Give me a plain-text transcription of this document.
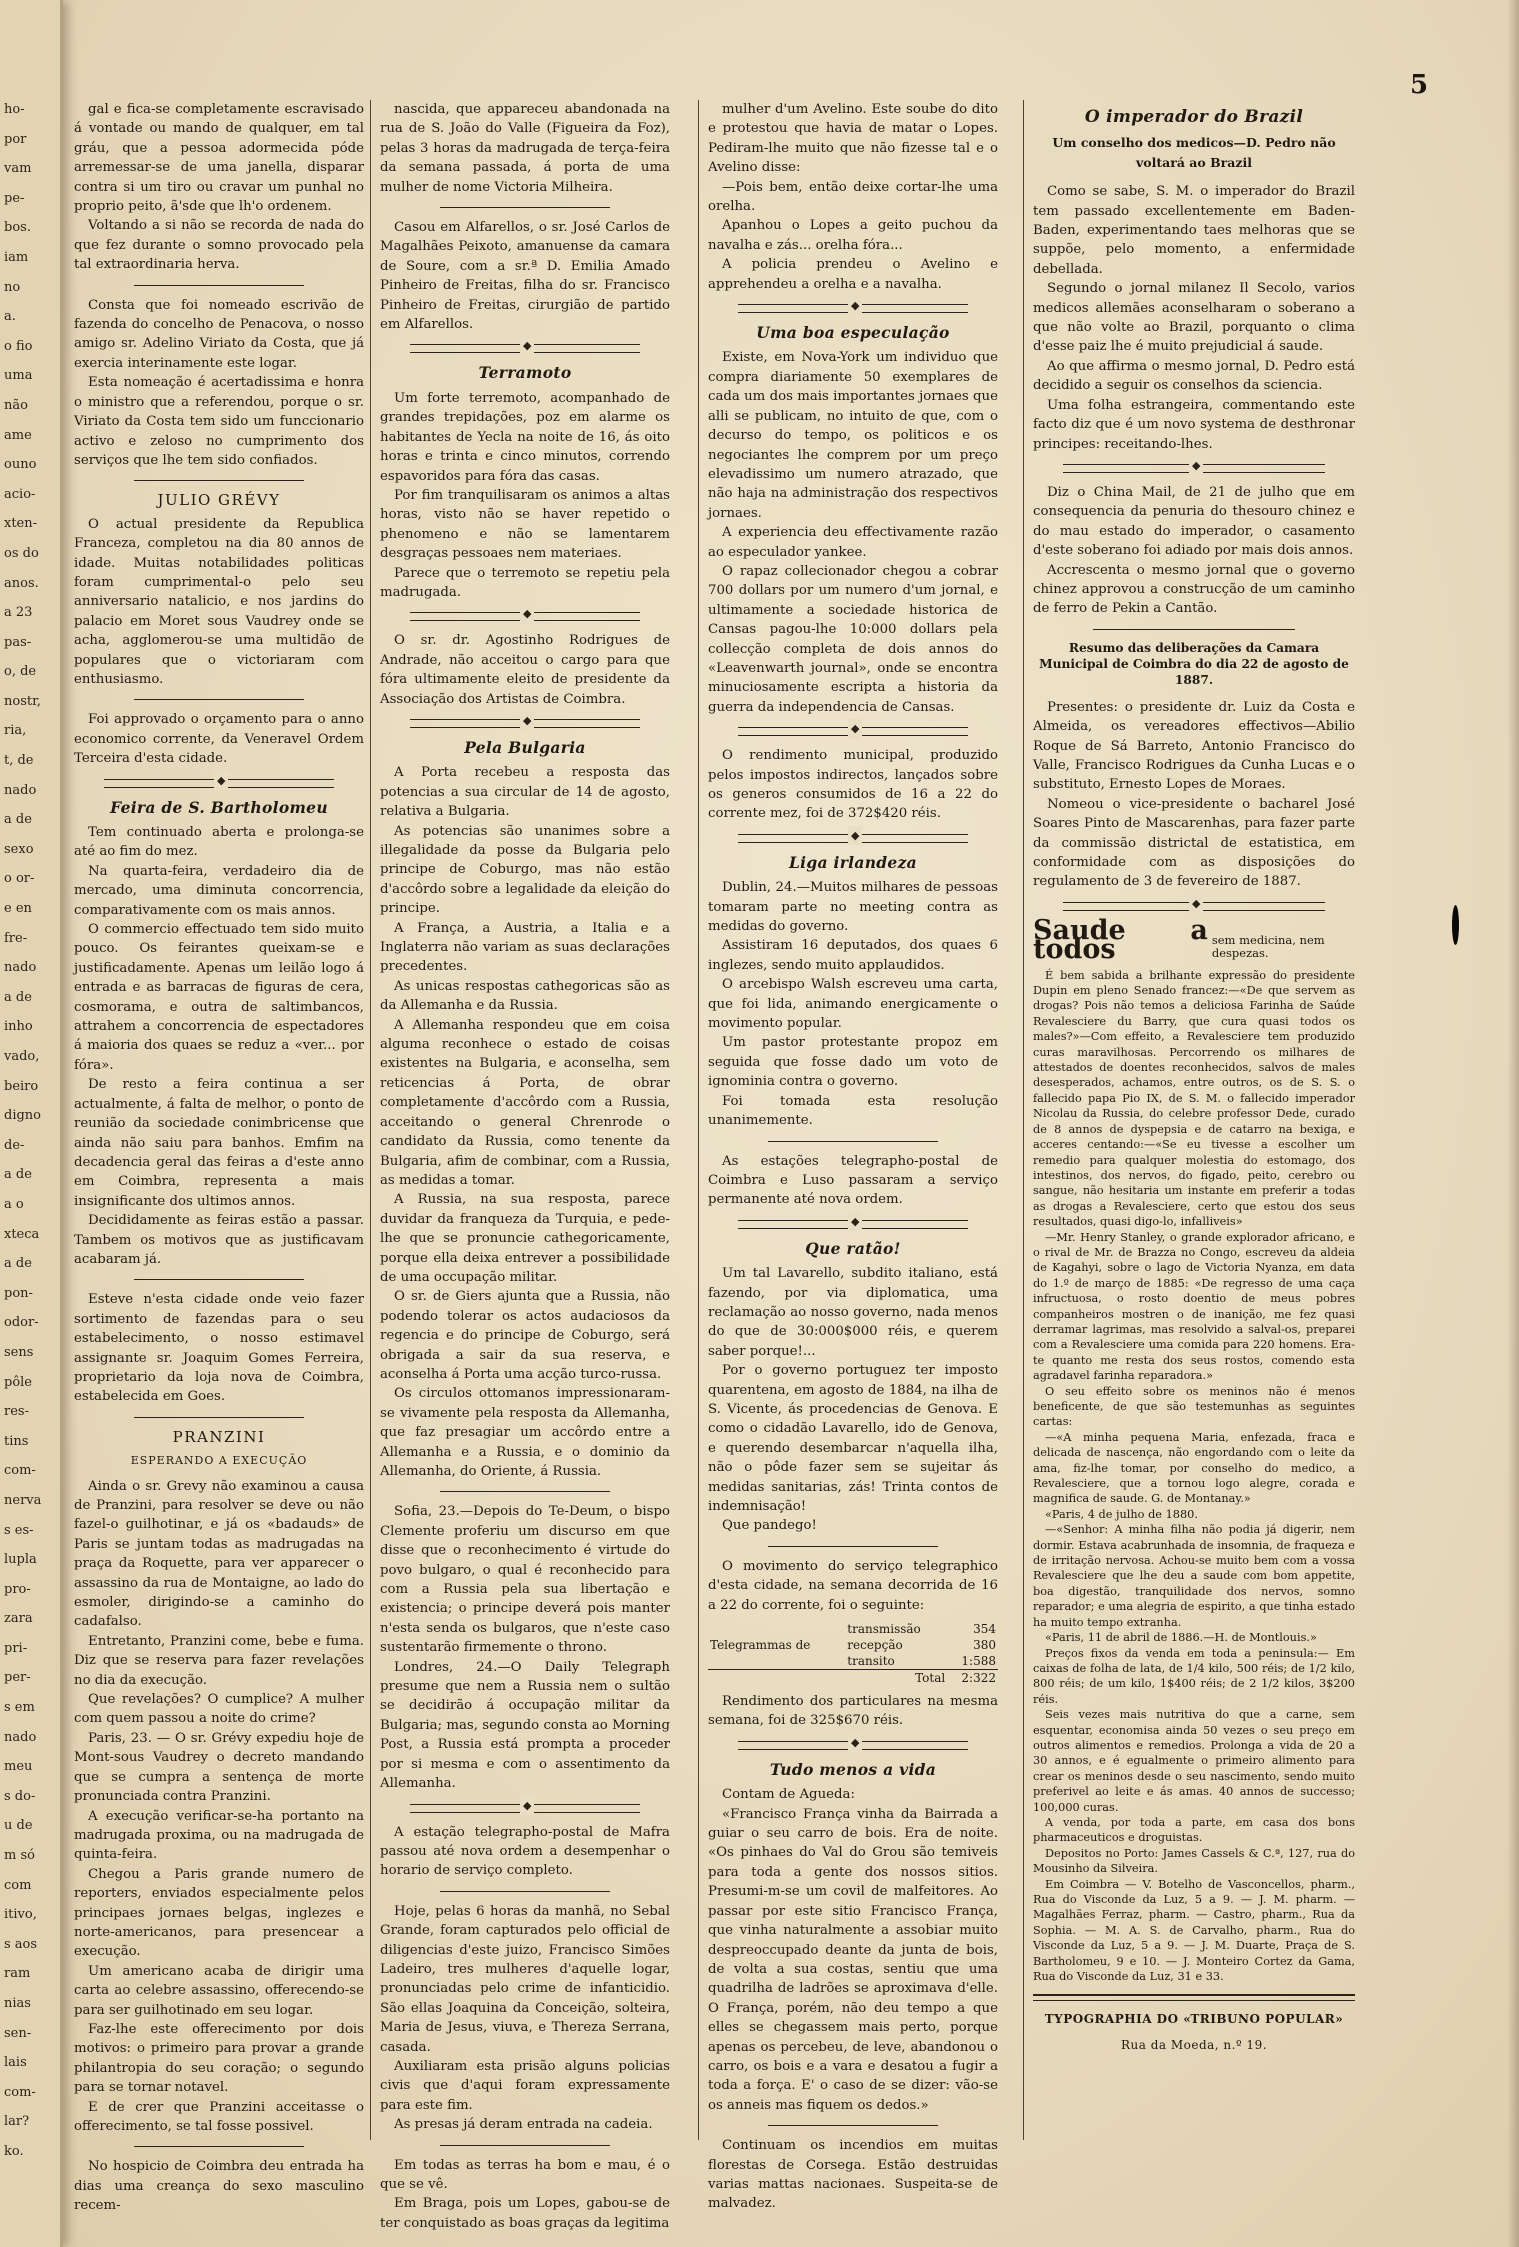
ho-
por
vam
pe-
bos.
iam
no
a.
o fio
uma
não
ame
ouno
acio-
xten-
os do
anos.
a 23
pas-
o, de
nostr,
ria,
t, de
nado
a de
sexo
o or-
e en
fre-
nado
a de
inho
vado,
beiro
digno
de-
a de
a o
xteca
a de
pon-
odor-
sens
pôle
res-
tins
com-
nerva
s es-
lupla
pro-
zara
pri-
per-
s em
nado
meu
s do-
u de
m só
com
itivo,
s aos
ram
nias
sen-
lais
com-
lar?
ko.
5

gal e fica-se completamente escravisado á vontade ou mando de qualquer, em tal gráu, que a pessoa adormecida póde arremessar-se de uma janella, disparar contra si um tiro ou cravar um punhal no proprio peito, ã'sde que lh'o ordenem.

Voltando a si não se recorda de nada do que fez durante o somno provocado pela tal extraordinaria herva.

Consta que foi nomeado escrivão de fazenda do concelho de Penacova, o nosso amigo sr. Adelino Viriato da Costa, que já exercia interinamente este logar.

Esta nomeação é acertadissima e honra o ministro que a referendou, porque o sr. Viriato da Costa tem sido um funccionario activo e zeloso no cumprimento dos serviços que lhe tem sido confiados.

JULIO GRÉVY

O actual presidente da Republica Franceza, completou na dia 80 annos de idade. Muitas notabilidades politicas foram cumprimental-o pelo seu anniversario natalicio, e nos jardins do palacio em Moret sous Vaudrey onde se acha, agglomerou-se uma multidão de populares que o victoriaram com enthusiasmo.

Foi approvado o orçamento para o anno economico corrente, da Veneravel Ordem Terceira d'esta cidade.

◆
Feira de S. Bartholomeu

Tem continuado aberta e prolonga-se até ao fim do mez.

Na quarta-feira, verdadeiro dia de mercado, uma diminuta concorrencia, comparativamente com os mais annos.

O commercio effectuado tem sido muito pouco. Os feirantes queixam-se e justificadamente. Apenas um leilão logo á entrada e as barracas de figuras de cera, cosmorama, e outra de saltimbancos, attrahem a concorrencia de espectadores á maioria dos quaes se reduz a «ver... por fóra».

De resto a feira continua a ser actualmente, á falta de melhor, o ponto de reunião da sociedade conimbricense que ainda não saiu para banhos. Emfim na decadencia geral das feiras a d'este anno em Coimbra, representa a mais insignificante dos ultimos annos.

Decididamente as feiras estão a passar. Tambem os motivos que as justificavam acabaram já.

Esteve n'esta cidade onde veio fazer sortimento de fazendas para o seu estabelecimento, o nosso estimavel assignante sr. Joaquim Gomes Ferreira, proprietario da loja nova de Coimbra, estabelecida em Goes.

PRANZINI
ESPERANDO A EXECUÇÃO

Ainda o sr. Grevy não examinou a causa de Pranzini, para resolver se deve ou não fazel-o guilhotinar, e já os «badauds» de Paris se juntam todas as madrugadas na praça da Roquette, para ver apparecer o assassino da rua de Montaigne, ao lado do esmoler, dirigindo-se a caminho do cadafalso.

Entretanto, Pranzini come, bebe e fuma. Diz que se reserva para fazer revelações no dia da execução.

Que revelações? O cumplice? A mulher com quem passou a noite do crime?

Paris, 23. — O sr. Grévy expediu hoje de Mont-sous Vaudrey o decreto mandando que se cumpra a sentença de morte pronunciada contra Pranzini.

A execução verificar-se-ha portanto na madrugada proxima, ou na madrugada de quinta-feira.

Chegou a Paris grande numero de reporters, enviados especialmente pelos principaes jornaes belgas, inglezes e norte-americanos, para presencear a execução.

Um americano acaba de dirigir uma carta ao celebre assassino, offerecendo-se para ser guilhotinado em seu logar.

Faz-lhe este offerecimento por dois motivos: o primeiro para provar a grande philantropia do seu coração; o segundo para se tornar notavel.

E de crer que Pranzini acceitasse o offerecimento, se tal fosse possivel.

No hospicio de Coimbra deu entrada ha dias uma creança do sexo masculino recem-

nascida, que appareceu abandonada na rua de S. João do Valle (Figueira da Foz), pelas 3 horas da madrugada de terça-feira da semana passada, á porta de uma mulher de nome Victoria Milheira.

Casou em Alfarellos, o sr. José Carlos de Magalhães Peixoto, amanuense da camara de Soure, com a sr.ª D. Emilia Amado Pinheiro de Freitas, filha do sr. Francisco Pinheiro de Freitas, cirurgião de partido em Alfarellos.

◆
Terramoto

Um forte terremoto, acompanhado de grandes trepidações, poz em alarme os habitantes de Yecla na noite de 16, ás oito horas e trinta e cinco minutos, correndo espavoridos para fóra das casas.

Por fim tranquilisaram os animos a altas horas, visto não se haver repetido o phenomeno e não se lamentarem desgraças pessoaes nem materiaes.

Parece que o terremoto se repetiu pela madrugada.

◆

O sr. dr. Agostinho Rodrigues de Andrade, não acceitou o cargo para que fóra ultimamente eleito de presidente da Associação dos Artistas de Coimbra.

◆
Pela Bulgaria

A Porta recebeu a resposta das potencias a sua circular de 14 de agosto, relativa a Bulgaria.

As potencias são unanimes sobre a illegalidade da posse da Bulgaria pelo principe de Coburgo, mas não estão d'accôrdo sobre a legalidade da eleição do principe.

A França, a Austria, a Italia e a Inglaterra não variam as suas declarações precedentes.

As unicas respostas cathegoricas são as da Allemanha e da Russia.

A Allemanha respondeu que em coisa alguma reconhece o estado de coisas existentes na Bulgaria, e aconselha, sem reticencias á Porta, de obrar completamente d'accôrdo com a Russia, acceitando o general Chrenrode o candidato da Russia, como tenente da Bulgaria, afim de combinar, com a Russia, as medidas a tomar.

A Russia, na sua resposta, parece duvidar da franqueza da Turquia, e pede-lhe que se pronuncie cathegoricamente, porque ella deixa entrever a possibilidade de uma occupação militar.

O sr. de Giers ajunta que a Russia, não podendo tolerar os actos audaciosos da regencia e do principe de Coburgo, será obrigada a sair da sua reserva, e aconselha á Porta uma acção turco-russa.

Os circulos ottomanos impressionaram-se vivamente pela resposta da Allemanha, que faz presagiar um accôrdo entre a Allemanha e a Russia, e o dominio da Allemanha, do Oriente, á Russia.

Sofia, 23.—Depois do Te-Deum, o bispo Clemente proferiu um discurso em que disse que o reconhecimento é virtude do povo bulgaro, o qual é reconhecido para com a Russia pela sua libertação e existencia; o principe deverá pois manter n'esta senda os bulgaros, que n'este caso sustentarão firmemente o throno.

Londres, 24.—O Daily Telegraph presume que nem a Russia nem o sultão se decidirão á occupação militar da Bulgaria; mas, segundo consta ao Morning Post, a Russia está prompta a proceder por si mesma e com o assentimento da Allemanha.

◆

A estação telegrapho-postal de Mafra passou até nova ordem a desempenhar o horario de serviço completo.

Hoje, pelas 6 horas da manhã, no Sebal Grande, foram capturados pelo official de diligencias d'este juizo, Francisco Simões Ladeiro, tres mulheres d'aquelle logar, pronunciadas pelo crime de infanticidio. São ellas Joaquina da Conceição, solteira, Maria de Jesus, viuva, e Thereza Serrana, casada.

Auxiliaram esta prisão alguns policias civis que d'aqui foram expressamente para este fim.

As presas já deram entrada na cadeia.

Em todas as terras ha bom e mau, é o que se vê.

Em Braga, pois um Lopes, gabou-se de ter conquistado as boas graças da legitima

mulher d'um Avelino. Este soube do dito e protestou que havia de matar o Lopes. Pediram-lhe muito que não fizesse tal e o Avelino disse:

—Pois bem, então deixe cortar-lhe uma orelha.

Apanhou o Lopes a geito puchou da navalha e zás... orelha fóra...

A policia prendeu o Avelino e apprehendeu a orelha e a navalha.

◆
Uma boa especulação

Existe, em Nova-York um individuo que compra diariamente 50 exemplares de cada um dos mais importantes jornaes que alli se publicam, no intuito de que, com o decurso do tempo, os politicos e os negociantes lhe comprem por um preço elevadissimo um numero atrazado, que não haja na administração dos respectivos jornaes.

A experiencia deu effectivamente razão ao especulador yankee.

O rapaz collecionador chegou a cobrar 700 dollars por um numero d'um jornal, e ultimamente a sociedade historica de Cansas pagou-lhe 10:000 dollars pela collecção completa de dois annos do «Leavenwarth journal», onde se encontra minuciosamente escripta a historia da guerra da independencia de Cansas.

◆

O rendimento municipal, produzido pelos impostos indirectos, lançados sobre os generos consumidos de 16 a 22 do corrente mez, foi de 372$420 réis.

◆
Liga irlandeza

Dublin, 24.—Muitos milhares de pessoas tomaram parte no meeting contra as medidas do governo.

Assistiram 16 deputados, dos quaes 6 inglezes, sendo muito applaudidos.

O arcebispo Walsh escreveu uma carta, que foi lida, animando energicamente o movimento popular.

Um pastor protestante propoz em seguida que fosse dado um voto de ignominia contra o governo.

Foi tomada esta resolução unanimemente.

As estações telegrapho-postal de Coimbra e Luso passaram a serviço permanente até nova ordem.

◆
Que ratão!

Um tal Lavarello, subdito italiano, está fazendo, por via diplomatica, uma reclamação ao nosso governo, nada menos do que de 30:000$000 réis, e querem saber porque!...

Por o governo portuguez ter imposto quarentena, em agosto de 1884, na ilha de S. Vicente, ás procedencias de Genova. E como o cidadão Lavarello, ido de Genova, e querendo desembarcar n'aquella ilha, não o pôde fazer sem se sujeitar ás medidas sanitarias, zás! Trinta contos de indemnisação!

Que pandego!

O movimento do serviço telegraphico d'esta cidade, na semana decorrida de 16 a 22 do corrente, foi o seguinte:

Telegrammas de	transmissão	354
	recepção	380
	transito	1:588
	Total	2:322

Rendimento dos particulares na mesma semana, foi de 325$670 réis.

◆
Tudo menos a vida

Contam de Agueda:

«Francisco França vinha da Bairrada a guiar o seu carro de bois. Era de noite. «Os pinhaes do Val do Grou são temiveis para toda a gente dos nossos sitios. Presumi-m-se um covil de malfeitores. Ao passar por este sitio Francisco França, que vinha naturalmente a assobiar muito despreoccupado deante da junta de bois, de volta a sua costas, sentiu que uma quadrilha de ladrões se aproximava d'elle. O França, porém, não deu tempo a que elles se chegassem mais perto, porque apenas os percebeu, de leve, abandonou o carro, os bois e a vara e desatou a fugir a toda a força. E' o caso de se dizer: vão-se os anneis mas fiquem os dedos.»

Continuam os incendios em muitas florestas de Corsega. Estão destruidas varias mattas nacionaes. Suspeita-se de malvadez.

O imperador do Brazil
Um conselho dos medicos—D. Pedro não voltará ao Brazil

Como se sabe, S. M. o imperador do Brazil tem passado excellentemente em Baden-Baden, experimentando taes melhoras que se suppõe, pelo momento, a enfermidade debellada.

Segundo o jornal milanez Il Secolo, varios medicos allemães aconselharam o soberano a que não volte ao Brazil, porquanto o clima d'esse paiz lhe é muito prejudicial á saude.

Ao que affirma o mesmo jornal, D. Pedro está decidido a seguir os conselhos da sciencia.

Uma folha estrangeira, commentando este facto diz que é um novo systema de desthronar principes: receitando-lhes.

◆

Diz o China Mail, de 21 de julho que em consequencia da penuria do thesouro chinez e do mau estado do imperador, o casamento d'este soberano foi adiado por mais dois annos.

Accrescenta o mesmo jornal que o governo chinez approvou a construcção de um caminho de ferro de Pekin a Cantão.

Resumo das deliberações da Camara Municipal de Coimbra do dia 22 de agosto de 1887.

Presentes: o presidente dr. Luiz da Costa e Almeida, os vereadores effectivos—Abilio Roque de Sá Barreto, Antonio Francisco do Valle, Francisco Rodrigues da Cunha Lucas e o substituto, Ernesto Lopes de Moraes.

Nomeou o vice-presidente o bacharel José Soares Pinto de Mascarenhas, para fazer parte da commissão districtal de estatistica, em conformidade com as disposições do regulamento de 3 de fevereiro de 1887.

◆
Saude a todos	sem medicina, nem despezas.

É bem sabida a brilhante expressão do presidente Dupin em pleno Senado francez:—«De que servem as drogas? Pois não temos a deliciosa Farinha de Saúde Revalesciere du Barry, que cura quasi todos os males?»—Com effeito, a Revalesciere tem produzido curas maravilhosas. Percorrendo os milhares de attestados de doentes reconhecidos, salvos de males desesperados, achamos, entre outros, os de S. S. o fallecido papa Pio IX, de S. M. o fallecido imperador Nicolau da Russia, do celebre professor Dede, curado de 8 annos de dyspepsia e de catarro na bexiga, e acceres centando:—«Se eu tivesse a escolher um remedio para qualquer molestia do estomago, dos intestinos, dos nervos, do figado, peito, cerebro ou sangue, não hesitaria um instante em preferir a todas as drogas a Revalesciere, certo que estou dos seus resultados, quasi digo-lo, infalliveis»

—Mr. Henry Stanley, o grande explorador africano, e o rival de Mr. de Brazza no Congo, escreveu da aldeia de Kagahyi, sobre o lago de Victoria Nyanza, em data do 1.º de março de 1885: «De regresso de uma caça infructuosa, o rosto doentio de meus pobres companheiros mostren o de inanição, me fez quasi derramar lagrimas, mas resolvido a salval-os, preparei com a Revalesciere uma comida para 220 homens. Era-te quanto me resta dos seus rostos, comendo esta agradavel farinha reparadora.»

O seu effeito sobre os meninos não é menos beneficente, de que são testemunhas as seguintes cartas:

—«A minha pequena Maria, enfezada, fraca e delicada de nascença, não engordando com o leite da ama, fiz-lhe tomar, por conselho do medico, a Revalesciere, que a tornou logo alegre, corada e magnifica de saude. G. de Montanay.»

«Paris, 4 de julho de 1880.

—«Senhor: A minha filha não podia já digerir, nem dormir. Estava acabrunhada de insomnia, de fraqueza e de irritação nervosa. Achou-se muito bem com a vossa Revalesciere que lhe deu a saude com bom appetite, boa digestão, tranquilidade dos nervos, somno reparador; e uma alegria de espirito, a que tinha estado ha muito tempo extranha.

«Paris, 11 de abril de 1886.—H. de Montlouis.»

Preços fixos da venda em toda a peninsula:— Em caixas de folha de lata, de 1/4 kilo, 500 réis; de 1/2 kilo, 800 réis; de um kilo, 1$400 réis; de 2 1/2 kilos, 3$200 réis.

Seis vezes mais nutritiva do que a carne, sem esquentar, economisa ainda 50 vezes o seu preço em outros alimentos e remedios. Prolonga a vida de 20 a 30 annos, e é egualmente o primeiro alimento para crear os meninos desde o seu nascimento, sendo muito preferivel ao leite e ás amas. 40 annos de successo; 100,000 curas.

A venda, por toda a parte, em casa dos bons pharmaceuticos e droguistas.

Depositos no Porto: James Cassels & C.ª, 127, rua do Mousinho da Silveira.

Em Coimbra — V. Botelho de Vasconcellos, pharm., Rua do Visconde da Luz, 5 a 9. — J. M. pharm. — Magalhães Ferraz, pharm. — Castro, pharm., Rua da Sophia. — M. A. S. de Carvalho, pharm., Rua do Visconde da Luz, 5 a 9. — J. M. Duarte, Praça de S. Bartholomeu, 9 e 10. — J. Monteiro Cortez da Gama, Rua do Visconde da Luz, 31 e 33.

TYPOGRAPHIA DO «TRIBUNO POPULAR»
Rua da Moeda, n.º 19.
